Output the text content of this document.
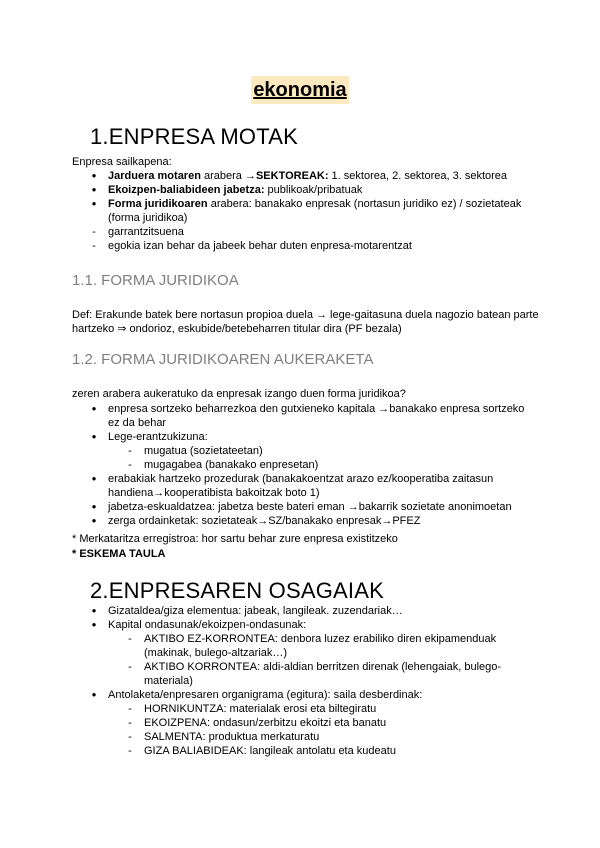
ekonomia
1.ENPRESA MOTAK
Enpresa sailkapena:
●	Jarduera motaren arabera →SEKTOREAK: 1. sektorea, 2. sektorea, 3. sektorea
●	Ekoizpen-baliabideen jabetza: publikoak/pribatuak
●	Forma juridikoaren arabera: banakako enpresak (nortasun juridiko ez) / sozietateak (forma juridikoa)
-	garrantzitsuena
-	egokia izan behar da jabeek behar duten enpresa-motarentzat
1.1. FORMA JURIDIKOA
Def: Erakunde batek bere nortasun propioa duela → lege-gaitasuna duela nagozio batean parte hartzeko ⇒ ondorioz, eskubide/betebeharren titular dira (PF bezala)
1.2. FORMA JURIDIKOAREN AUKERAKETA
zeren arabera aukeratuko da enpresak izango duen forma juridikoa?
●	enpresa sortzeko beharrezkoa den gutxieneko kapitala →banakako enpresa sortzeko ez da behar
●	Lege-erantzukizuna:
-	mugatua (sozietateetan)
-	mugagabea (banakako enpresetan)
●	erabakiak hartzeko prozedurak (banakakoentzat arazo ez/kooperatiba zaitasun handiena→kooperatibista bakoitzak boto 1)
●	jabetza-eskualdatzea: jabetza beste bateri eman →bakarrik sozietate anonimoetan
●	zerga ordainketak: sozietateak→SZ/banakako enpresak→PFEZ
* Merkataritza erregistroa: hor sartu behar zure enpresa existitzeko
* ESKEMA TAULA
2.ENPRESAREN OSAGAIAK
●	Gizataldea/giza elementua: jabeak, langileak. zuzendariak…
●	Kapital ondasunak/ekoizpen-ondasunak:
-	AKTIBO EZ-KORRONTEA: denbora luzez erabiliko diren ekipamenduak (makinak, bulego-altzariak…)
-	AKTIBO KORRONTEA: aldi-aldian berritzen direnak (lehengaiak, bulego-materiala)
●	Antolaketa/enpresaren organigrama (egitura): saila desberdinak:
-	HORNIKUNTZA: materialak erosi eta biltegiratu
-	EKOIZPENA: ondasun/zerbitzu ekoitzi eta banatu
-	SALMENTA: produktua merkaturatu
-	GIZA BALIABIDEAK: langileak antolatu eta kudeatu
